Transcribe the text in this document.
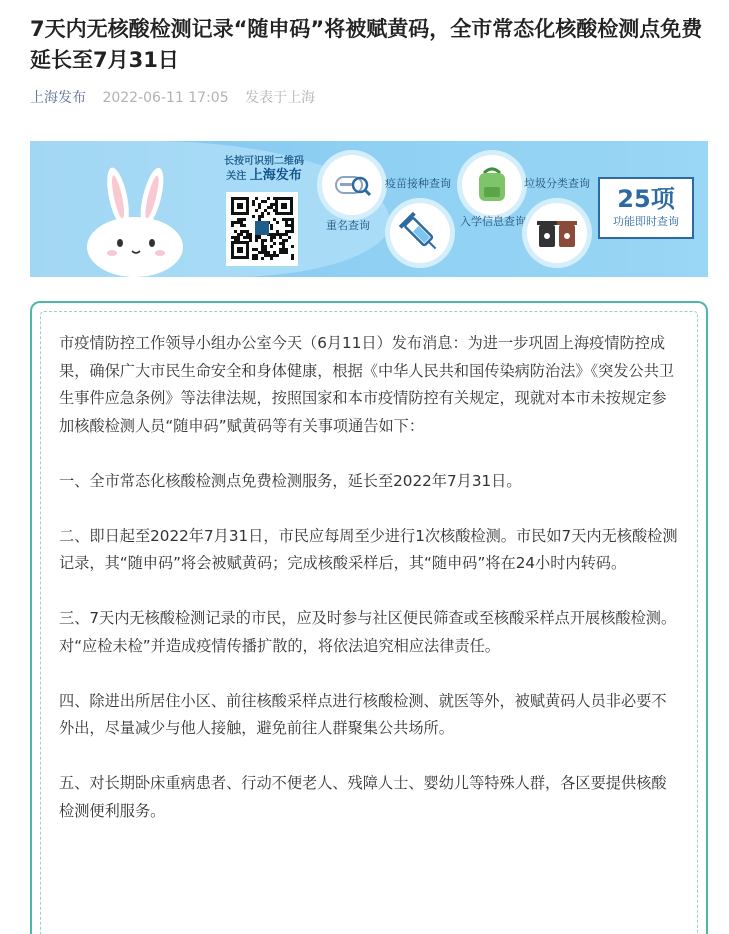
7天内无核酸检测记录“随申码”将被赋黄码，全市常态化核酸检测点免费延长至7月31日
上海发布 2022-06-11 17:05 发表于上海
长按可识别二维码
关注 上海发布
重名查询
疫苗接种查询
入学信息查询
垃圾分类查询
25项
功能即时查询

市疫情防控工作领导小组办公室今天（6月11日）发布消息：为进一步巩固上海疫情防控成果，确保广大市民生命安全和身体健康，根据《中华人民共和国传染病防治法》《突发公共卫生事件应急条例》等法律法规，按照国家和本市疫情防控有关规定，现就对本市未按规定参加核酸检测人员“随申码”赋黄码等有关事项通告如下：

一、全市常态化核酸检测点免费检测服务，延长至2022年7月31日。

二、即日起至2022年7月31日，市民应每周至少进行1次核酸检测。市民如7天内无核酸检测记录，其“随申码”将会被赋黄码；完成核酸采样后，其“随申码”将在24小时内转码。

三、7天内无核酸检测记录的市民，应及时参与社区便民筛查或至核酸采样点开展核酸检测。对“应检未检”并造成疫情传播扩散的，将依法追究相应法律责任。

四、除进出所居住小区、前往核酸采样点进行核酸检测、就医等外，被赋黄码人员非必要不外出，尽量减少与他人接触，避免前往人群聚集公共场所。

五、对长期卧床重病患者、行动不便老人、残障人士、婴幼儿等特殊人群，各区要提供核酸检测便利服务。
